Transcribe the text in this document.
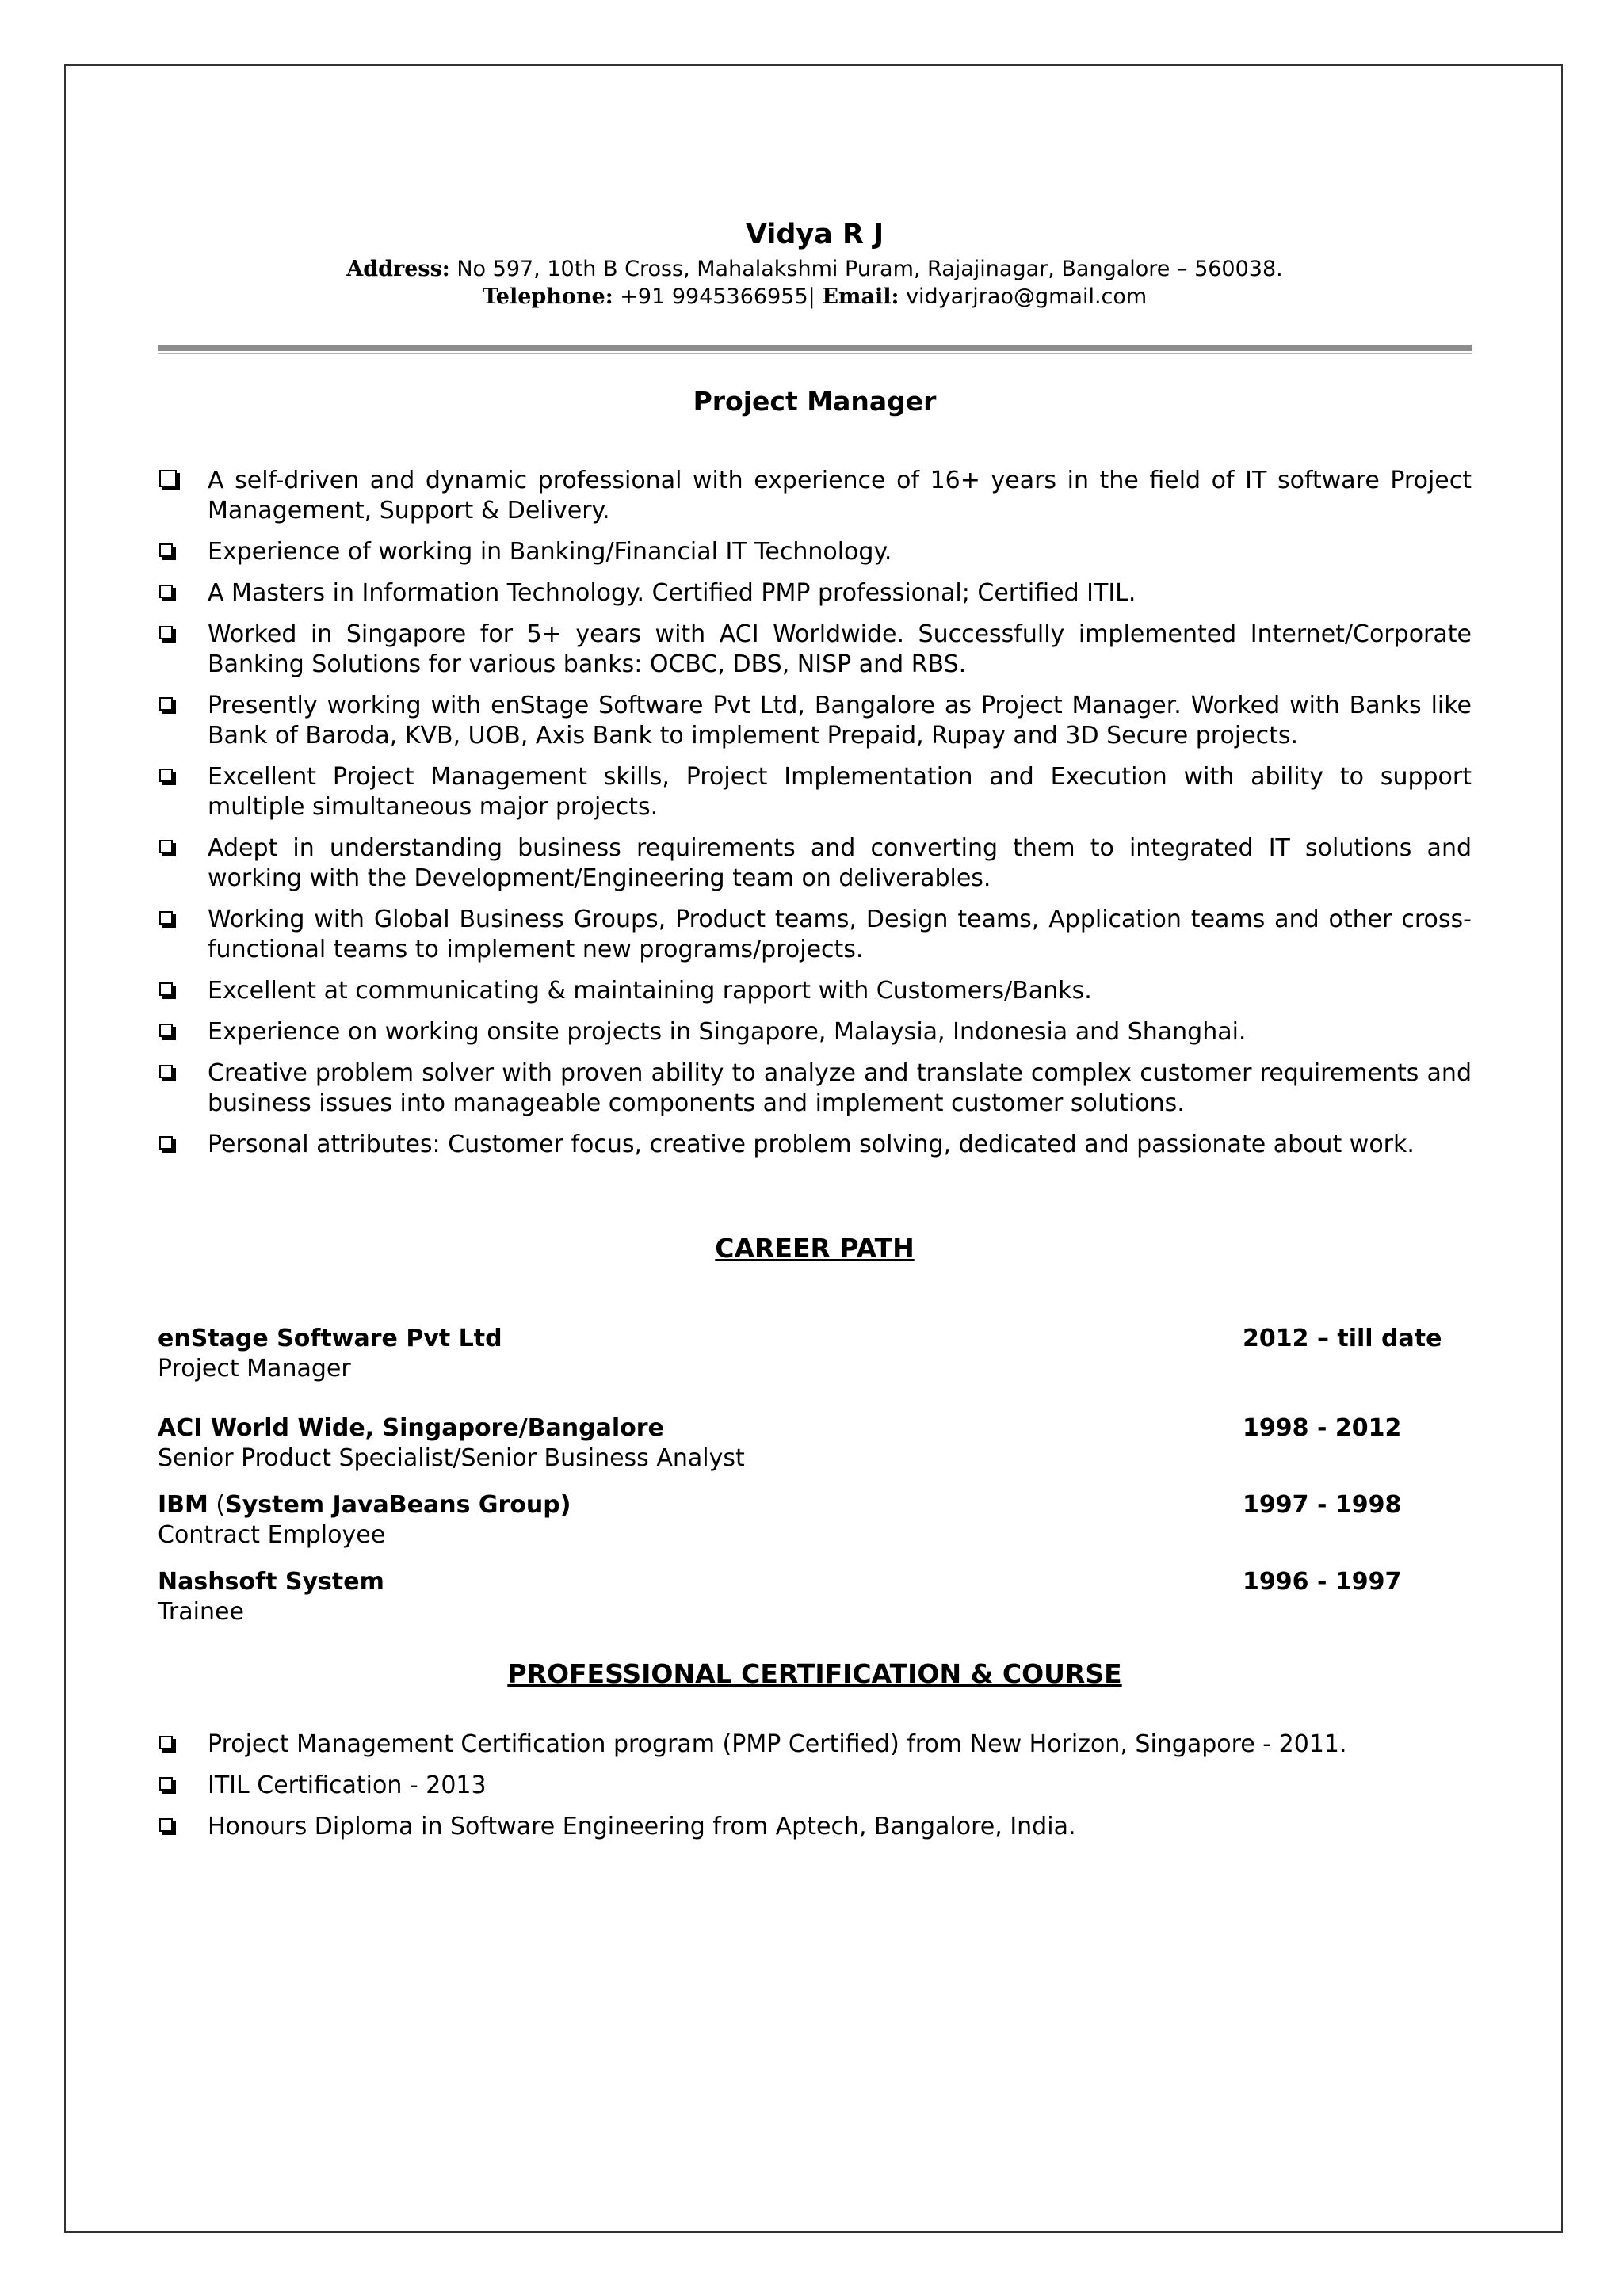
Vidya R J
Address: No 597, 10th B Cross, Mahalakshmi Puram, Rajajinagar, Bangalore – 560038.
Telephone: +91 9945366955| Email: vidyarjrao@gmail.com
Project Manager
A self-driven and dynamic professional with experience of 16+ years in the field of IT software Project Management, Support & Delivery.
Experience of working in Banking/Financial IT Technology.
A Masters in Information Technology. Certified PMP professional; Certified ITIL.
Worked in Singapore for 5+ years with ACI Worldwide. Successfully implemented Internet/Corporate Banking Solutions for various banks: OCBC, DBS, NISP and RBS.
Presently working with enStage Software Pvt Ltd, Bangalore as Project Manager. Worked with Banks like Bank of Baroda, KVB, UOB, Axis Bank to implement Prepaid, Rupay and 3D Secure projects.
Excellent Project Management skills, Project Implementation and Execution with ability to support multiple simultaneous major projects.
Adept in understanding business requirements and converting them to integrated IT solutions and working with the Development/Engineering team on deliverables.
Working with Global Business Groups, Product teams, Design teams, Application teams and other cross-functional teams to implement new programs/projects.
Excellent at communicating & maintaining rapport with Customers/Banks.
Experience on working onsite projects in Singapore, Malaysia, Indonesia and Shanghai.
Creative problem solver with proven ability to analyze and translate complex customer requirements and business issues into manageable components and implement customer solutions.
Personal attributes: Customer focus, creative problem solving, dedicated and passionate about work.
CAREER PATH
enStage Software Pvt Ltd	2012 – till date
Project Manager
ACI World Wide, Singapore/Bangalore	1998 - 2012
Senior Product Specialist/Senior Business Analyst
IBM (System JavaBeans Group)	1997 - 1998
Contract Employee
Nashsoft System	1996 - 1997
Trainee
PROFESSIONAL CERTIFICATION & COURSE
Project Management Certification program (PMP Certified) from New Horizon, Singapore - 2011.
ITIL Certification - 2013
Honours Diploma in Software Engineering from Aptech, Bangalore, India.
